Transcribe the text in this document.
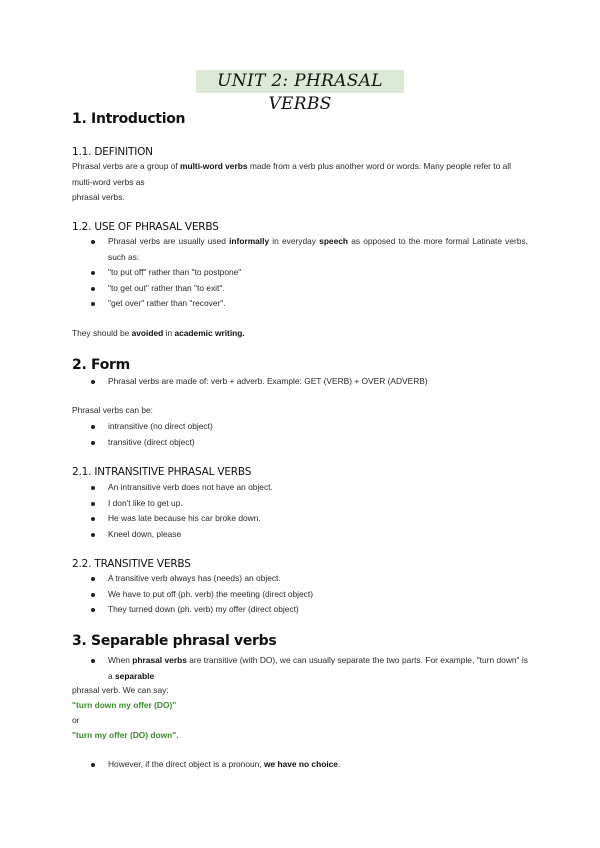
UNIT 2: PHRASAL VERBS
1. Introduction
1.1. DEFINITION
Phrasal verbs are a group of multi-word verbs made from a verb plus another word or words. Many people refer to all multi-word verbs as
phrasal verbs.
1.2. USE OF PHRASAL VERBS
Phrasal verbs are usually used informally in everyday speech as opposed to the more formal Latinate verbs, such as:
"to put off" rather than "to postpone"
"to get out" rather than "to exit".
"get over" rather than "recover".
They should be avoided in academic writing.
2. Form
Phrasal verbs are made of: verb + adverb. Example: GET (VERB) + OVER (ADVERB)
Phrasal verbs can be:
intransitive (no direct object)
transitive (direct object)
2.1. INTRANSITIVE PHRASAL VERBS
An intransitive verb does not have an object.
I don't like to get up.
He was late because his car broke down.
Kneel down, please
2.2. TRANSITIVE VERBS
A transitive verb always has (needs) an object.
We have to put off (ph. verb) the meeting (direct object)
They turned down (ph. verb) my offer (direct object)
3. Separable phrasal verbs
When phrasal verbs are transitive (with DO), we can usually separate the two parts. For example, "turn down" is a separable
phrasal verb. We can say:
"turn down my offer (DO)"
or
"turn my offer (DO) down".
However, if the direct object is a pronoun, we have no choice.
